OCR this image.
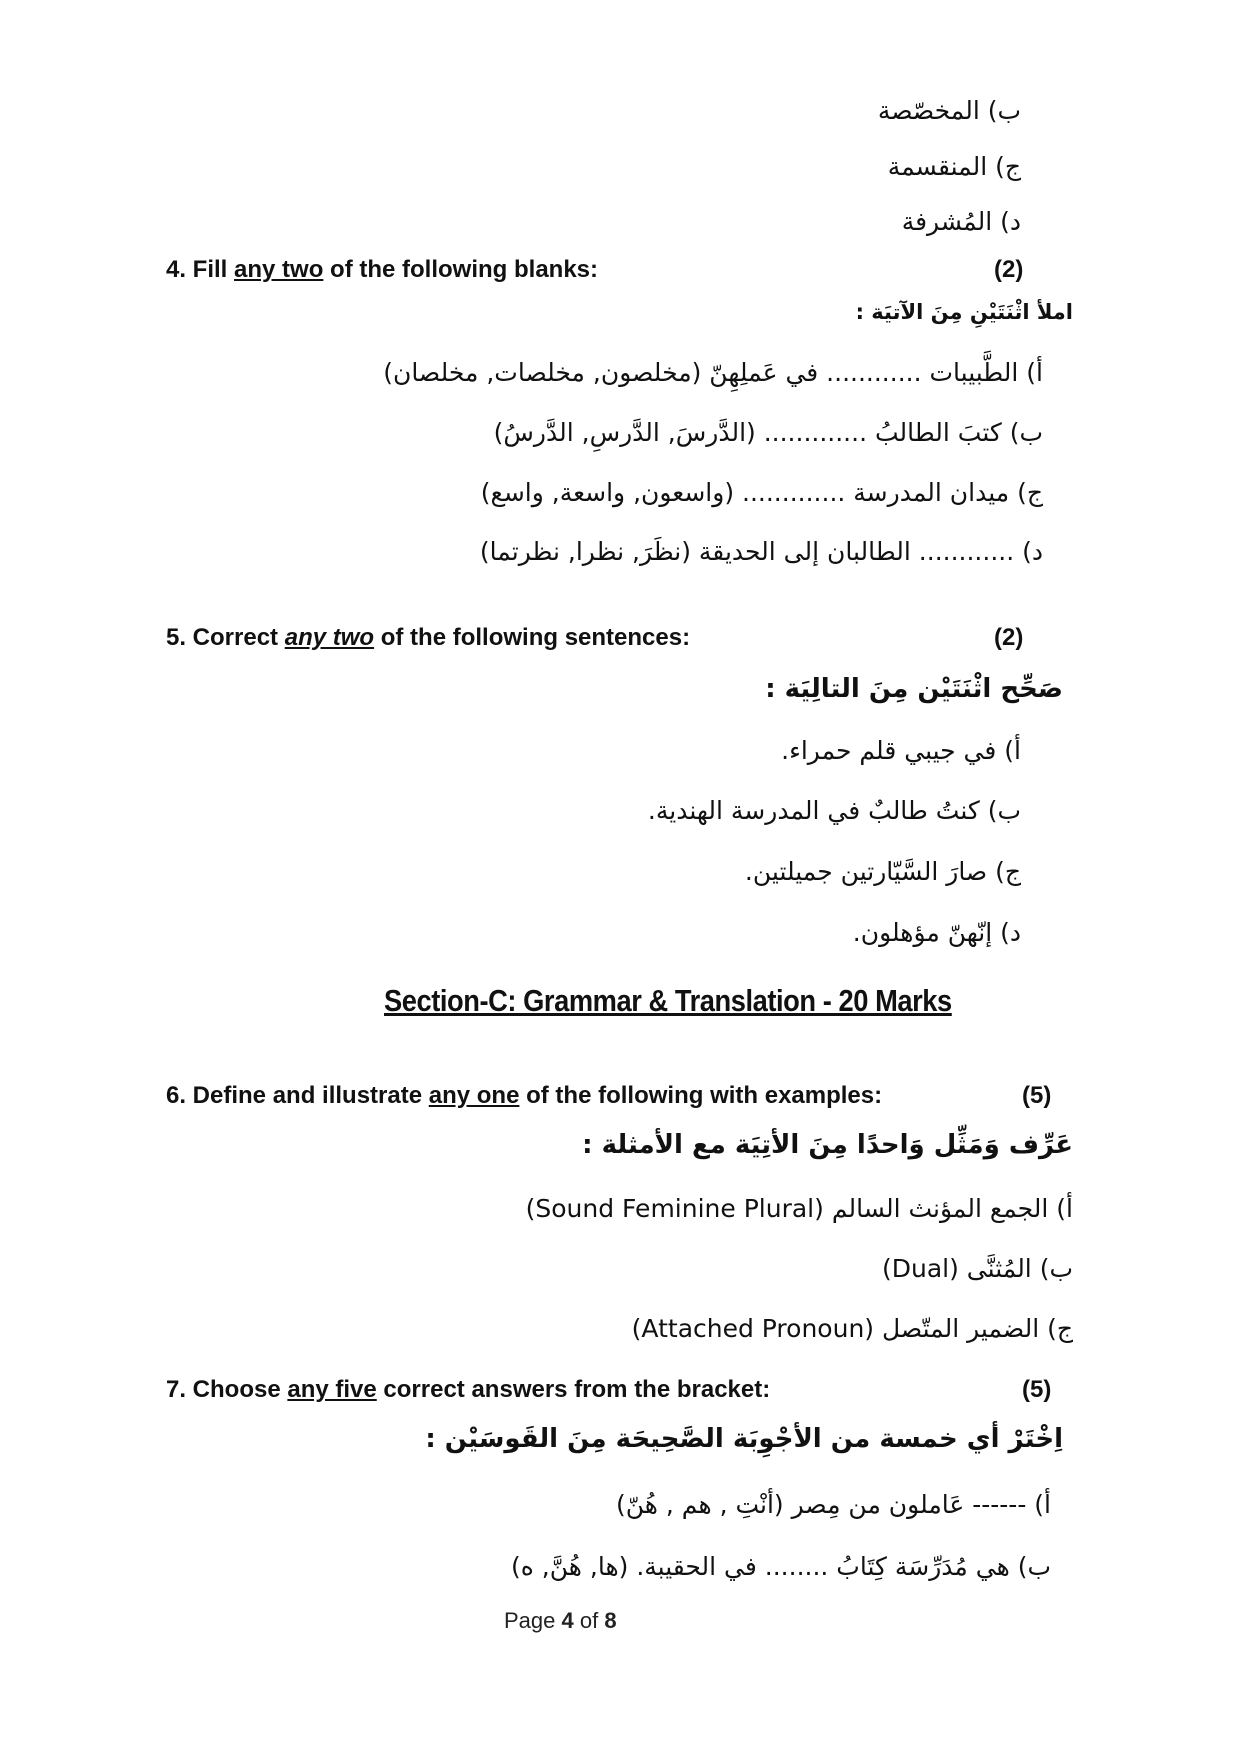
ب) المخصّصة
ج) المنقسمة
د) المُشرفة
4. Fill any two of the following blanks:	(2)
املأ اثْنَتَيْنِ مِنَ الآتيَة :
أ) الطَّبيبات ............ في عَملِهِنّ (مخلصون, مخلصات, مخلصان)
ب) كتبَ الطالبُ ............. (الدَّرسَ, الدَّرسِ, الدَّرسُ)
ج) ميدان المدرسة ............. (واسعون, واسعة, واسع)
د) ............ الطالبان إلى الحديقة (نظَرَ, نظرا, نظرتما)
5. Correct any two of the following sentences:	(2)
صَحِّح اثْنَتَيْن مِنَ التالِيَة :
أ) في جيبي قلم حمراء.
ب) كنتُ طالبٌ في المدرسة الهندية.
ج) صارَ السَّيّارتين جميلتين.
د) إنّهنّ مؤهلون.
Section-C: Grammar & Translation - 20 Marks
6. Define and illustrate any one of the following with examples:	(5)
عَرِّف وَمَثِّل وَاحدًا مِنَ الأتِيَة مع الأمثلة :
أ) الجمع المؤنث السالم (Sound Feminine Plural)
ب) المُثنَّى (Dual)
ج) الضمير المتّصل (Attached Pronoun)
7. Choose any five correct answers from the bracket:	(5)
اِخْتَرْ أي خمسة من الأجْوِبَة الصَّحِيحَة مِنَ القَوسَيْن :
أ) ------ عَاملون من مِصر (أنْتِ , هم , هُنّ)
ب) هي مُدَرِّسَة كِتَابُ ........ في الحقيبة. (ها, هُنَّ, ه)
Page 4 of 8
